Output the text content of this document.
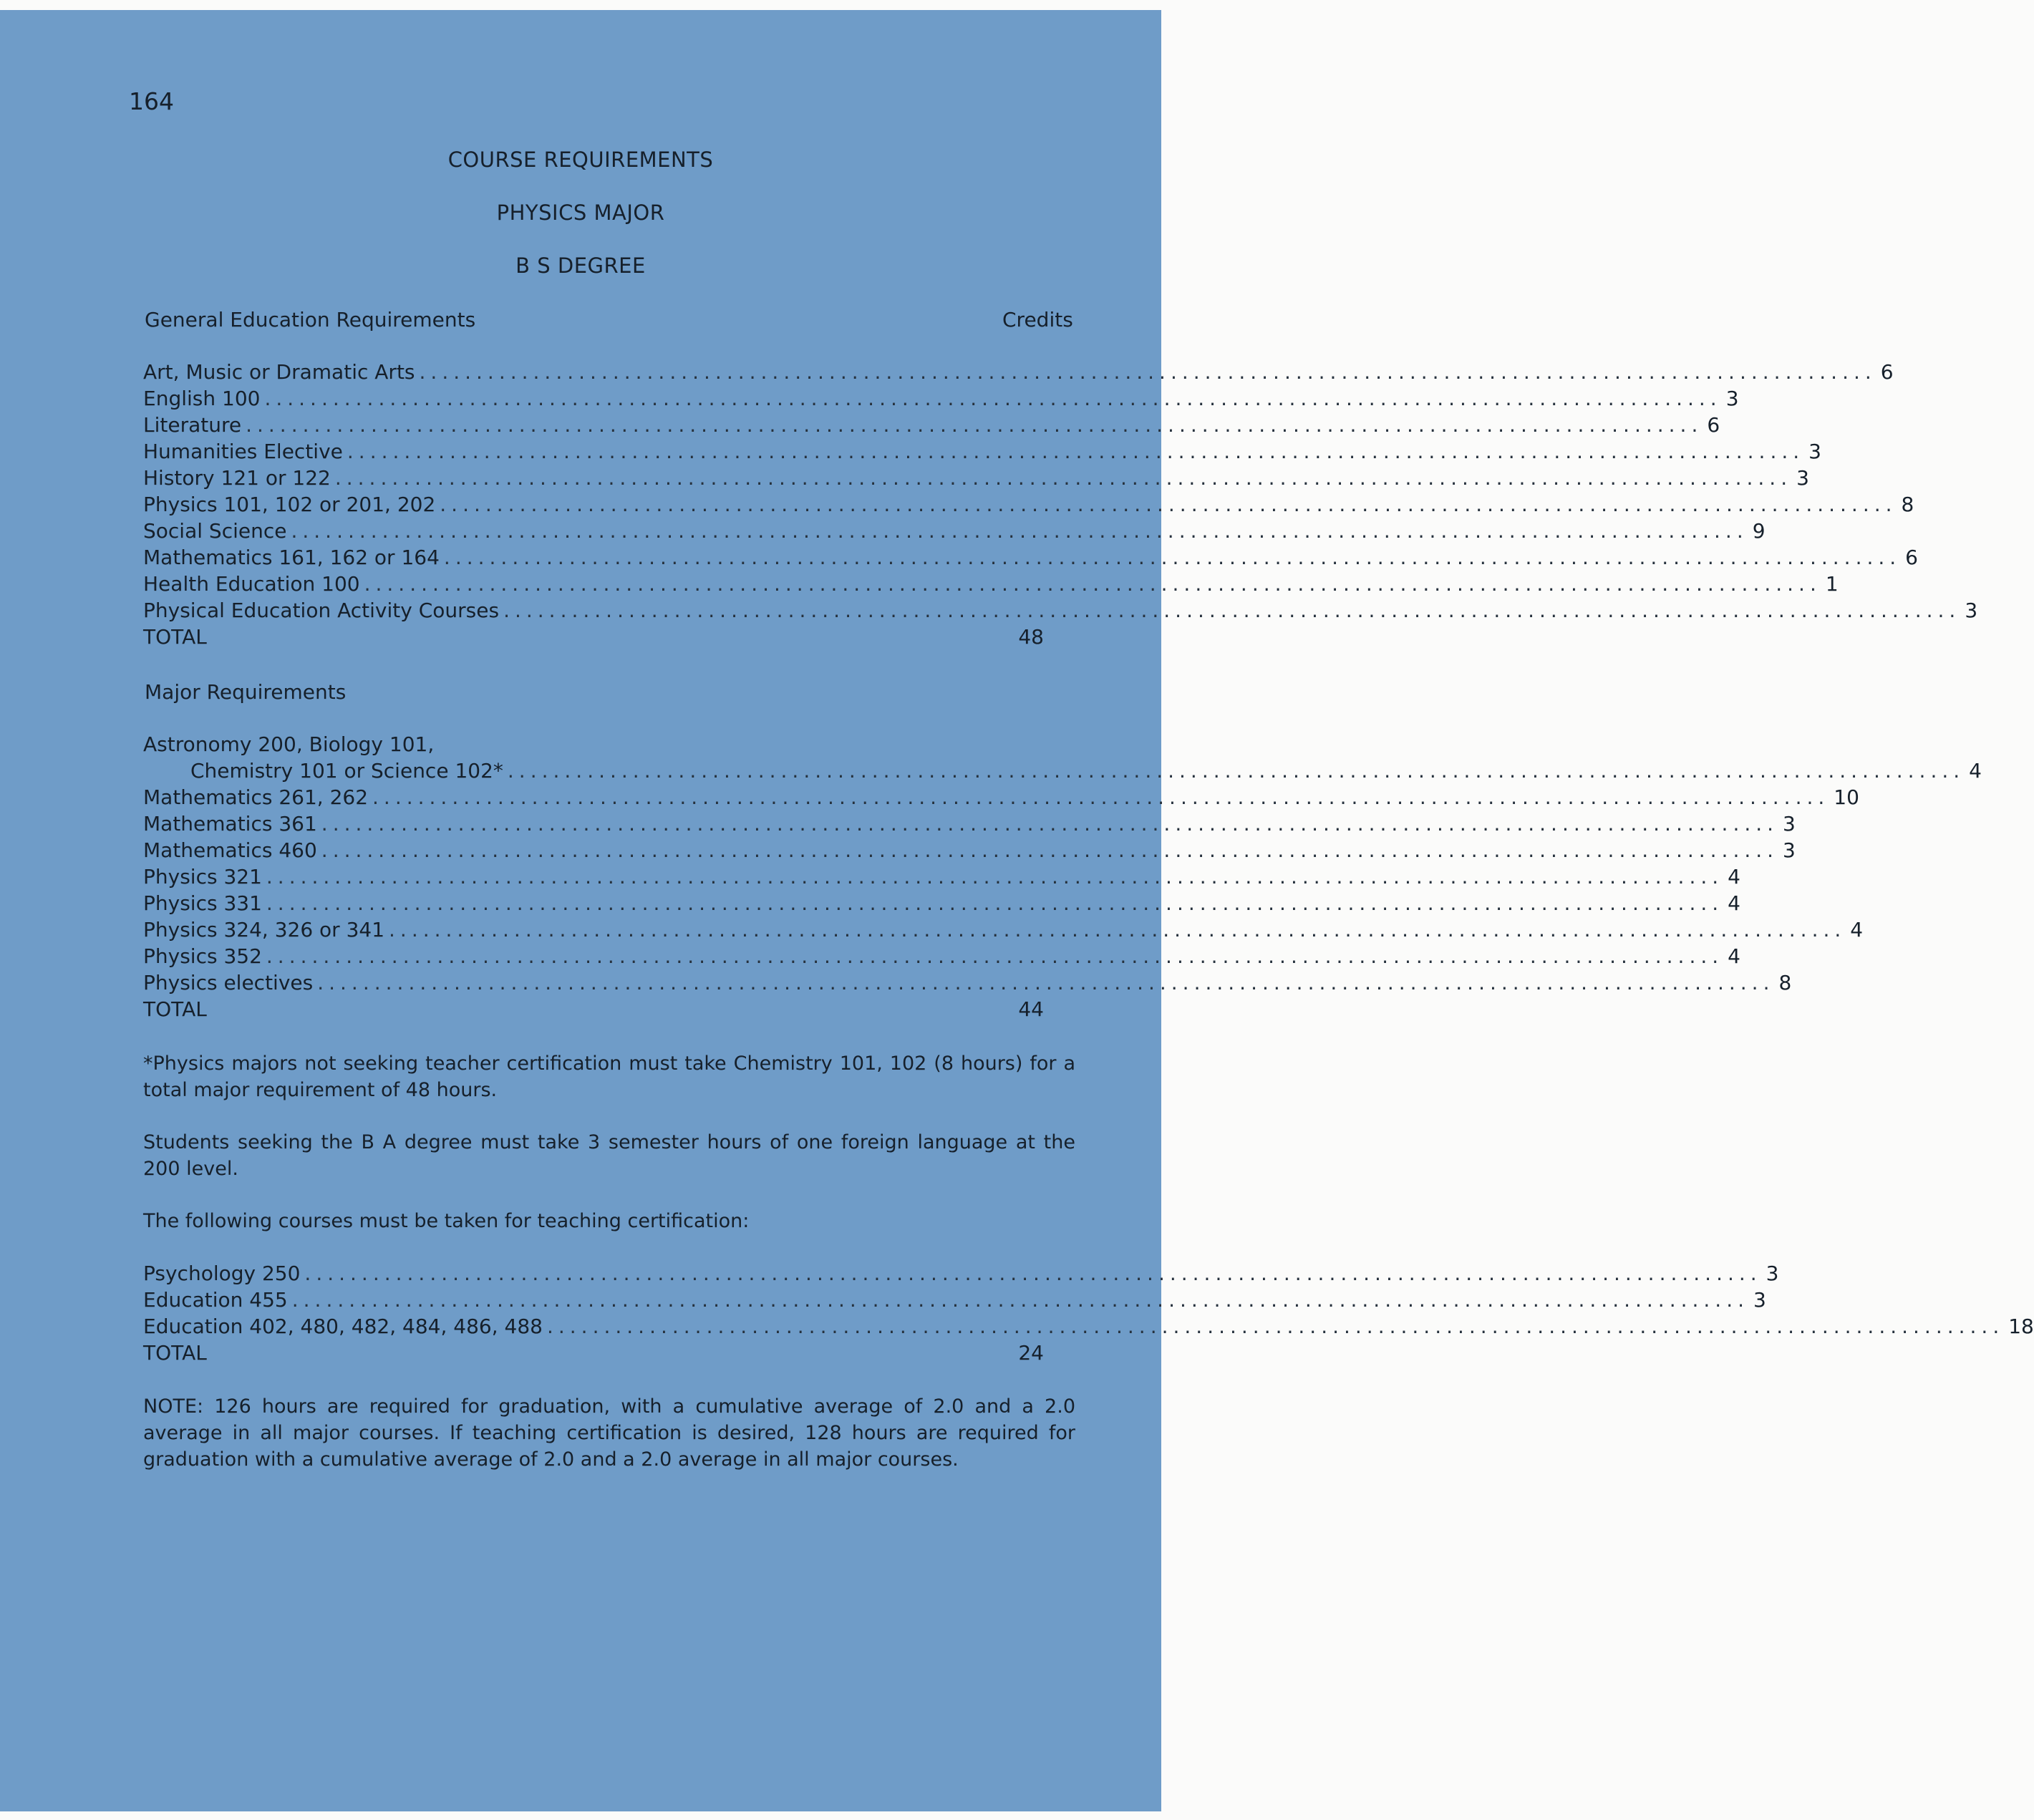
164
COURSE REQUIREMENTS
PHYSICS MAJOR
B S DEGREE
General Education Requirements	Credits
Art, Music or Dramatic Arts ................................................................................................................................ 6
English 100 ................................................................................................................................ 3
Literature ................................................................................................................................ 6
Humanities Elective ................................................................................................................................ 3
History 121 or 122 ................................................................................................................................ 3
Physics 101, 102 or 201, 202 ................................................................................................................................ 8
Social Science ................................................................................................................................ 9
Mathematics 161, 162 or 164 ................................................................................................................................ 6
Health Education 100 ................................................................................................................................ 1
Physical Education Activity Courses ................................................................................................................................ 3
TOTAL	48
Major Requirements
Astronomy 200, Biology 101,
Chemistry 101 or Science 102* ................................................................................................................................ 4
Mathematics 261, 262 ................................................................................................................................ 10
Mathematics 361 ................................................................................................................................ 3
Mathematics 460 ................................................................................................................................ 3
Physics 321 ................................................................................................................................ 4
Physics 331 ................................................................................................................................ 4
Physics 324, 326 or 341 ................................................................................................................................ 4
Physics 352 ................................................................................................................................ 4
Physics electives ................................................................................................................................ 8
TOTAL	44
*Physics majors not seeking teacher certification must take Chemistry 101, 102 (8 hours) for a total major requirement of 48 hours.
Students seeking the B A degree must take 3 semester hours of one foreign language at the 200 level.
The following courses must be taken for teaching certification:
Psychology 250 ................................................................................................................................ 3
Education 455 ................................................................................................................................ 3
Education 402, 480, 482, 484, 486, 488 ................................................................................................................................ 18
TOTAL	24
NOTE: 126 hours are required for graduation, with a cumulative average of 2.0 and a 2.0 average in all major courses. If teaching certification is desired, 128 hours are required for graduation with a cumulative average of 2.0 and a 2.0 average in all major courses.
